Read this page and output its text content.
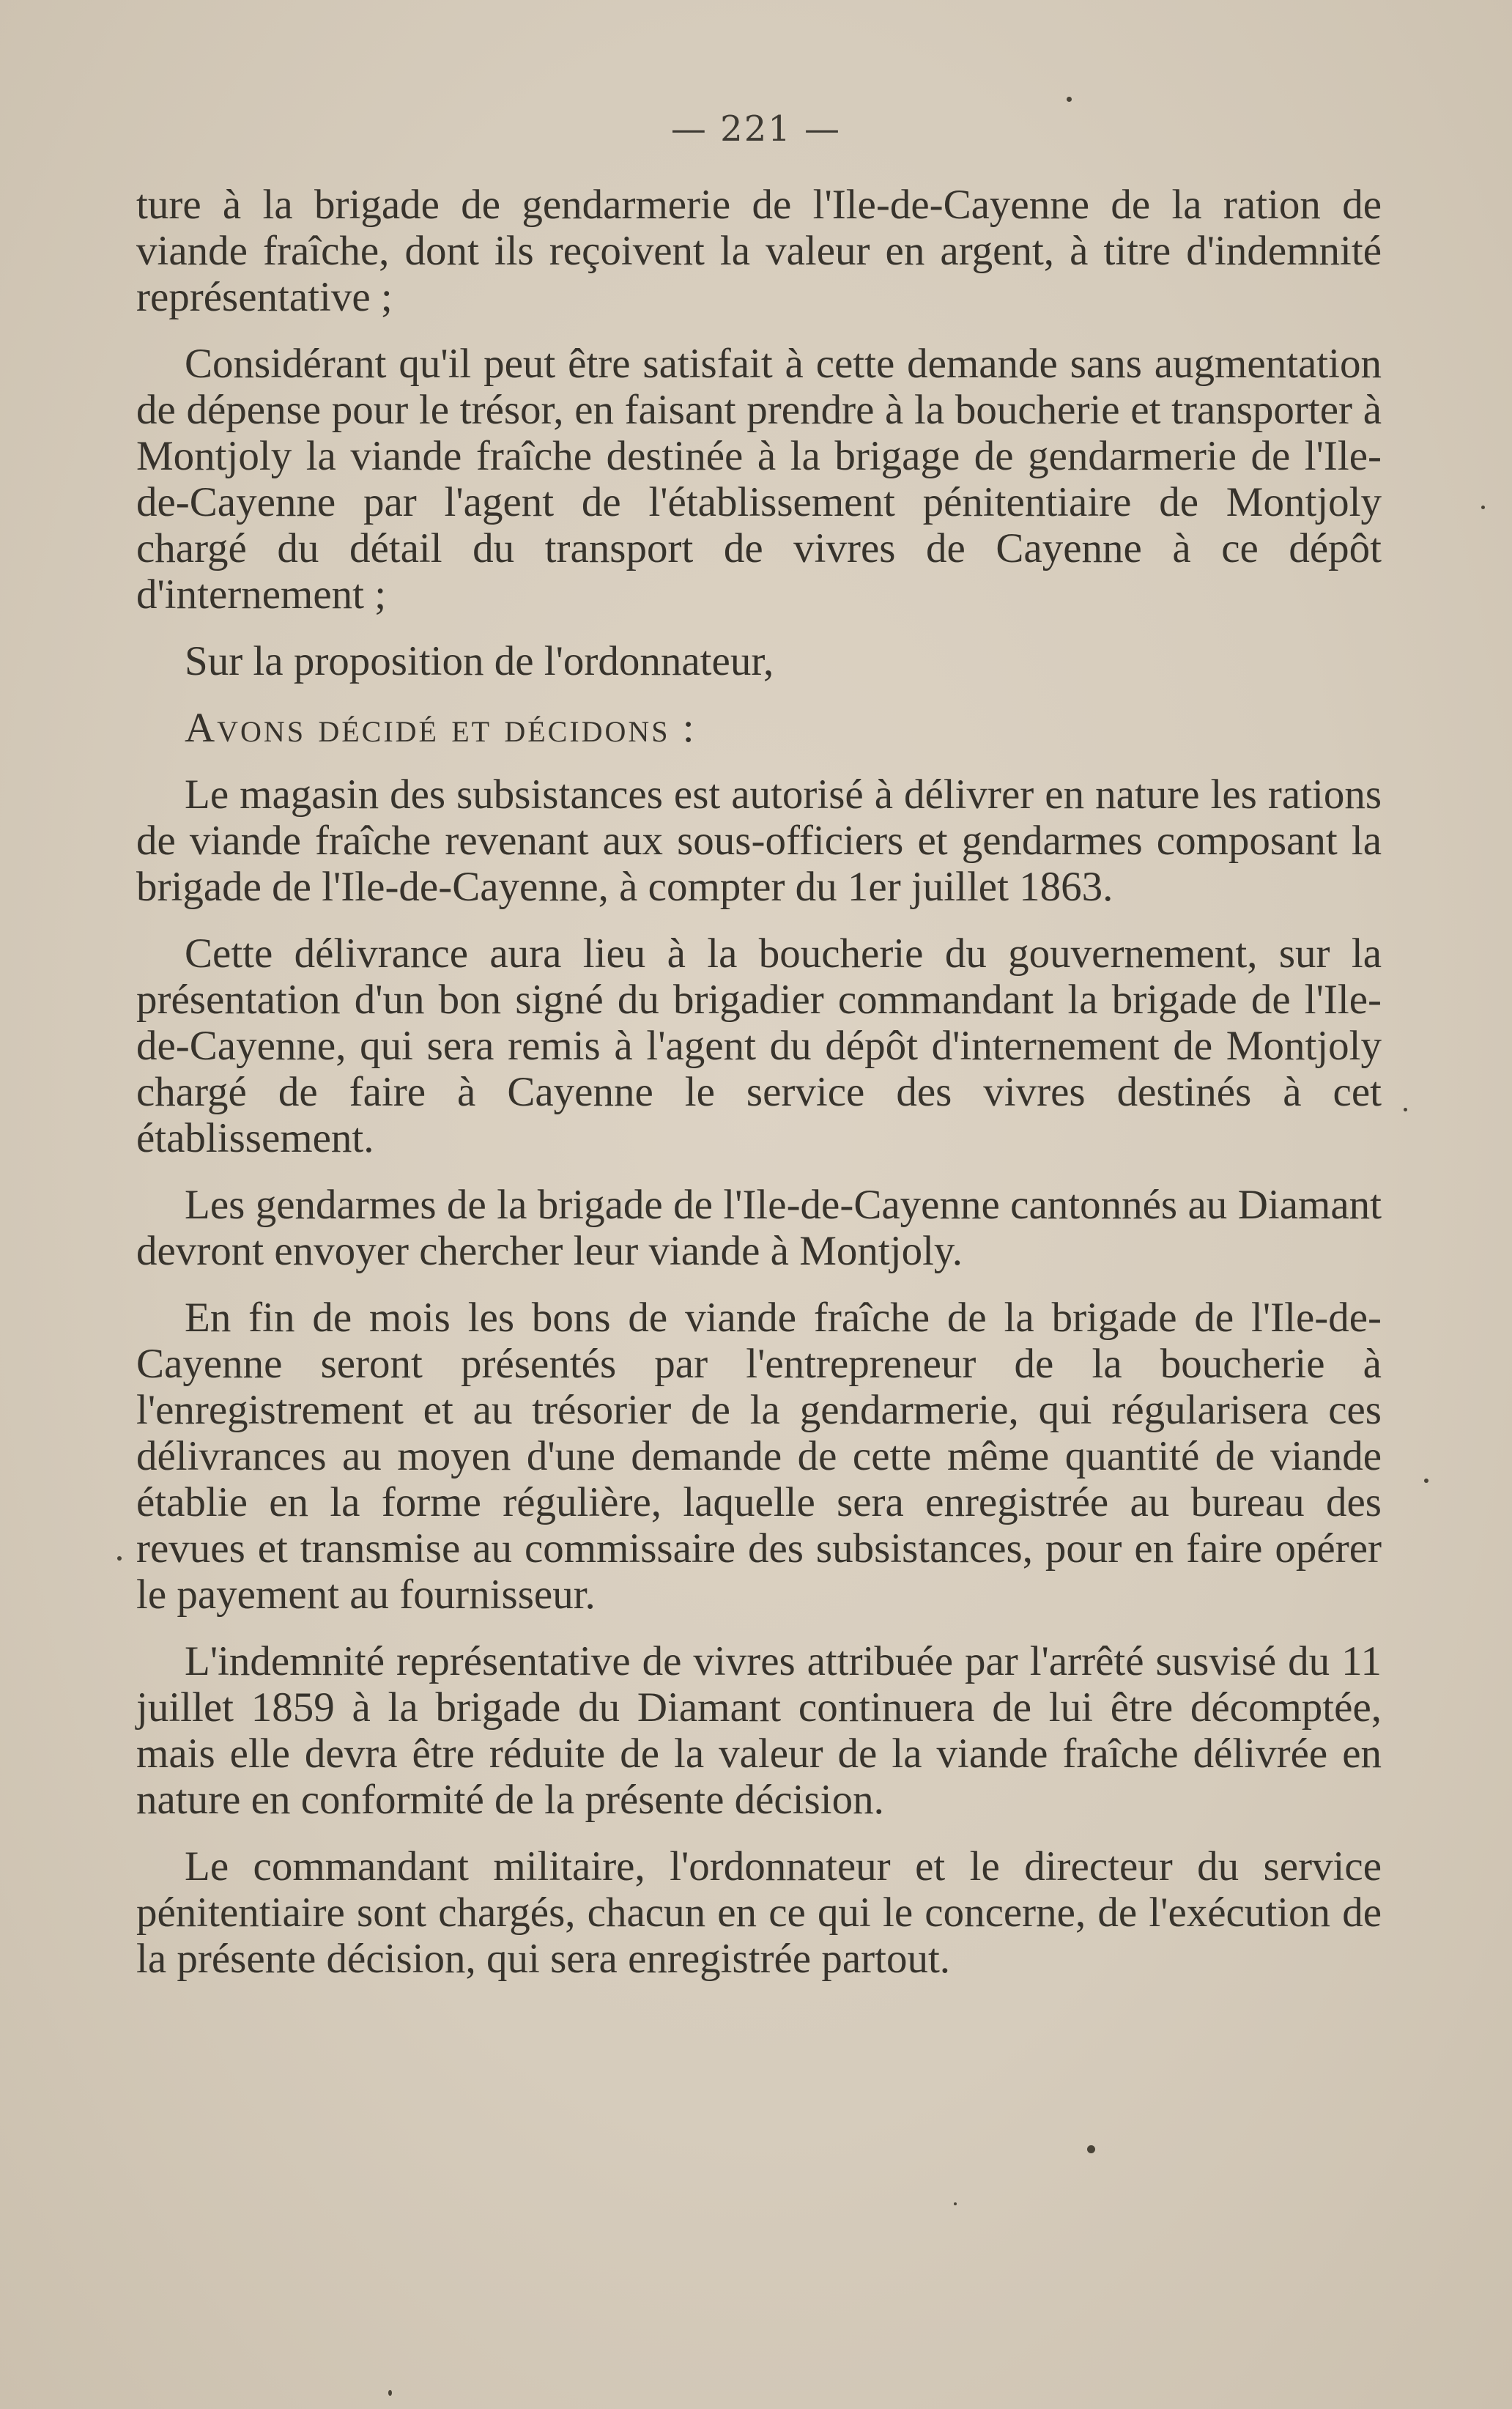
— 221 —

ture à la brigade de gendarmerie de l'Ile-de-Cayenne de la ration de viande fraîche, dont ils reçoivent la valeur en argent, à titre d'indemnité représentative ;

Considérant qu'il peut être satisfait à cette demande sans augmentation de dépense pour le trésor, en faisant prendre à la boucherie et transporter à Montjoly la viande fraîche destinée à la brigage de gendarmerie de l'Ile-de-Cayenne par l'agent de l'établissement pénitentiaire de Montjoly chargé du détail du transport de vivres de Cayenne à ce dépôt d'internement ;

Sur la proposition de l'ordonnateur,

Avons décidé et décidons :

Le magasin des subsistances est autorisé à délivrer en nature les rations de viande fraîche revenant aux sous-officiers et gendarmes composant la brigade de l'Ile-de-Cayenne, à compter du 1er juillet 1863.

Cette délivrance aura lieu à la boucherie du gouvernement, sur la présentation d'un bon signé du brigadier commandant la brigade de l'Ile-de-Cayenne, qui sera remis à l'agent du dépôt d'internement de Montjoly chargé de faire à Cayenne le service des vivres destinés à cet établissement.

Les gendarmes de la brigade de l'Ile-de-Cayenne cantonnés au Diamant devront envoyer chercher leur viande à Montjoly.

En fin de mois les bons de viande fraîche de la brigade de l'Ile-de-Cayenne seront présentés par l'entrepreneur de la boucherie à l'enregistrement et au trésorier de la gendarmerie, qui régularisera ces délivrances au moyen d'une demande de cette même quantité de viande établie en la forme régulière, laquelle sera enregistrée au bureau des revues et transmise au commissaire des subsistances, pour en faire opérer le payement au fournisseur.

L'indemnité représentative de vivres attribuée par l'arrêté susvisé du 11 juillet 1859 à la brigade du Diamant continuera de lui être décomptée, mais elle devra être réduite de la valeur de la viande fraîche délivrée en nature en conformité de la présente décision.

Le commandant militaire, l'ordonnateur et le directeur du service pénitentiaire sont chargés, chacun en ce qui le concerne, de l'exécution de la présente décision, qui sera enregistrée partout.
